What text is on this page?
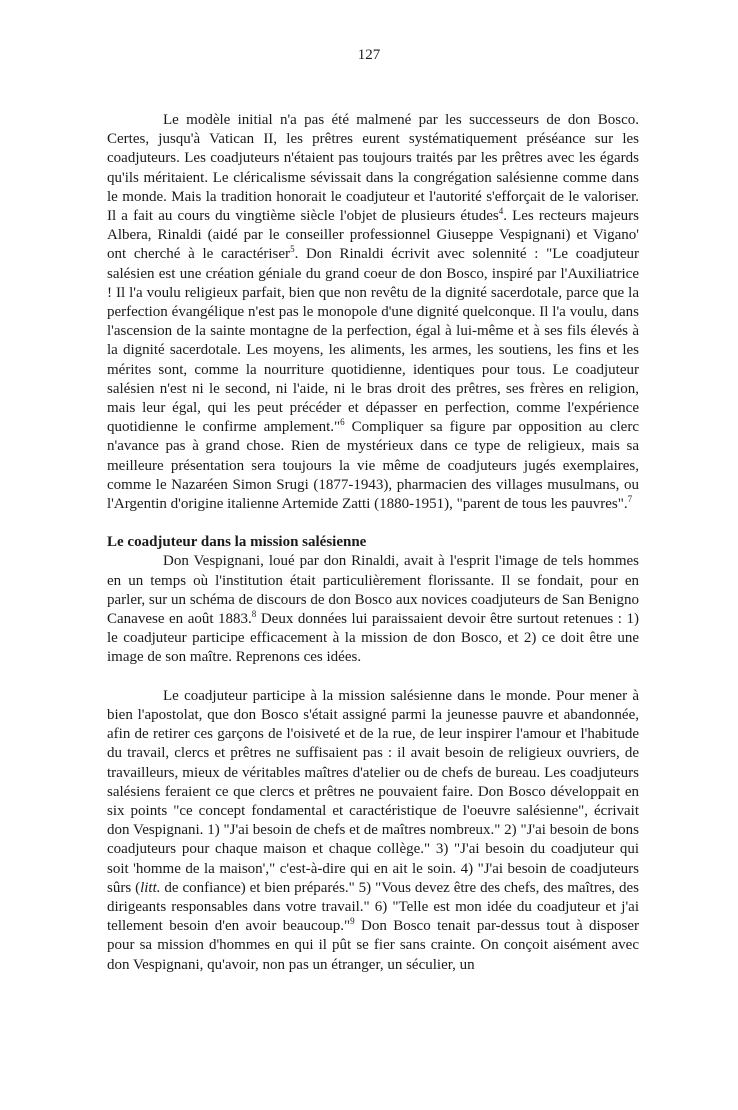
127

Le modèle initial n'a pas été malmené par les successeurs de don Bosco. Certes, jusqu'à Vatican II, les prêtres eurent systématiquement préséance sur les coadjuteurs. Les coadjuteurs n'étaient pas toujours traités par les prêtres avec les égards qu'ils méritaient. Le cléricalisme sévissait dans la congrégation salésienne comme dans le monde. Mais la tradition honorait le coadjuteur et l'autorité s'efforçait de le valoriser. Il a fait au cours du vingtième siècle l'objet de plusieurs études$^4$. Les recteurs majeurs Albera, Rinaldi (aidé par le conseiller professionnel Giuseppe Vespignani) et Vigano' ont cherché à le caractériser$^5$. Don Rinaldi écrivit avec solennité : "Le coadjuteur salésien est une création géniale du grand coeur de don Bosco, inspiré par l'Auxiliatrice ! Il l'a voulu religieux parfait, bien que non revêtu de la dignité sacerdotale, parce que la perfection évangélique n'est pas le monopole d'une dignité quelconque. Il l'a voulu, dans l'ascension de la sainte montagne de la perfection, égal à lui-même et à ses fils élevés à la dignité sacerdotale. Les moyens, les aliments, les armes, les soutiens, les fins et les mérites sont, comme la nourriture quotidienne, identiques pour tous. Le coadjuteur salésien n'est ni le second, ni l'aide, ni le bras droit des prêtres, ses frères en religion, mais leur égal, qui les peut précéder et dépasser en perfection, comme l'expérience quotidienne le confirme amplement."$^6$ Compliquer sa figure par opposition au clerc n'avance pas à grand chose. Rien de mystérieux dans ce type de religieux, mais sa meilleure présentation sera toujours la vie même de coadjuteurs jugés exemplaires, comme le Nazaréen Simon Srugi (1877-1943), pharmacien des villages musulmans, ou l'Argentin d'origine italienne Artemide Zatti (1880-1951), "parent de tous les pauvres".$^7$

Le coadjuteur dans la mission salésienne

Don Vespignani, loué par don Rinaldi, avait à l'esprit l'image de tels hommes en un temps où l'institution était particulièrement florissante. Il se fondait, pour en parler, sur un schéma de discours de don Bosco aux novices coadjuteurs de San Benigno Canavese en août 1883.$^8$ Deux données lui paraissaient devoir être surtout retenues : 1) le coadjuteur participe efficacement à la mission de don Bosco, et 2) ce doit être une image de son maître. Reprenons ces idées.

Le coadjuteur participe à la mission salésienne dans le monde. Pour mener à bien l'apostolat, que don Bosco s'était assigné parmi la jeunesse pauvre et abandonnée, afin de retirer ces garçons de l'oisiveté et de la rue, de leur inspirer l'amour et l'habitude du travail, clercs et prêtres ne suffisaient pas : il avait besoin de religieux ouvriers, de travailleurs, mieux de véritables maîtres d'atelier ou de chefs de bureau. Les coadjuteurs salésiens feraient ce que clercs et prêtres ne pouvaient faire. Don Bosco développait en six points "ce concept fondamental et caractéristique de l'oeuvre salésienne", écrivait don Vespignani. 1) "J'ai besoin de chefs et de maîtres nombreux." 2) "J'ai besoin de bons coadjuteurs pour chaque maison et chaque collège." 3) "J'ai besoin du coadjuteur qui soit 'homme de la maison'," c'est-à-dire qui en ait le soin. 4) "J'ai besoin de coadjuteurs sûrs (litt. de confiance) et bien préparés." 5) "Vous devez être des chefs, des maîtres, des dirigeants responsables dans votre travail." 6) "Telle est mon idée du coadjuteur et j'ai tellement besoin d'en avoir beaucoup."$^9$ Don Bosco tenait par-dessus tout à disposer pour sa mission d'hommes en qui il pût se fier sans crainte. On conçoit aisément avec don Vespignani, qu'avoir, non pas un étranger, un séculier, un
